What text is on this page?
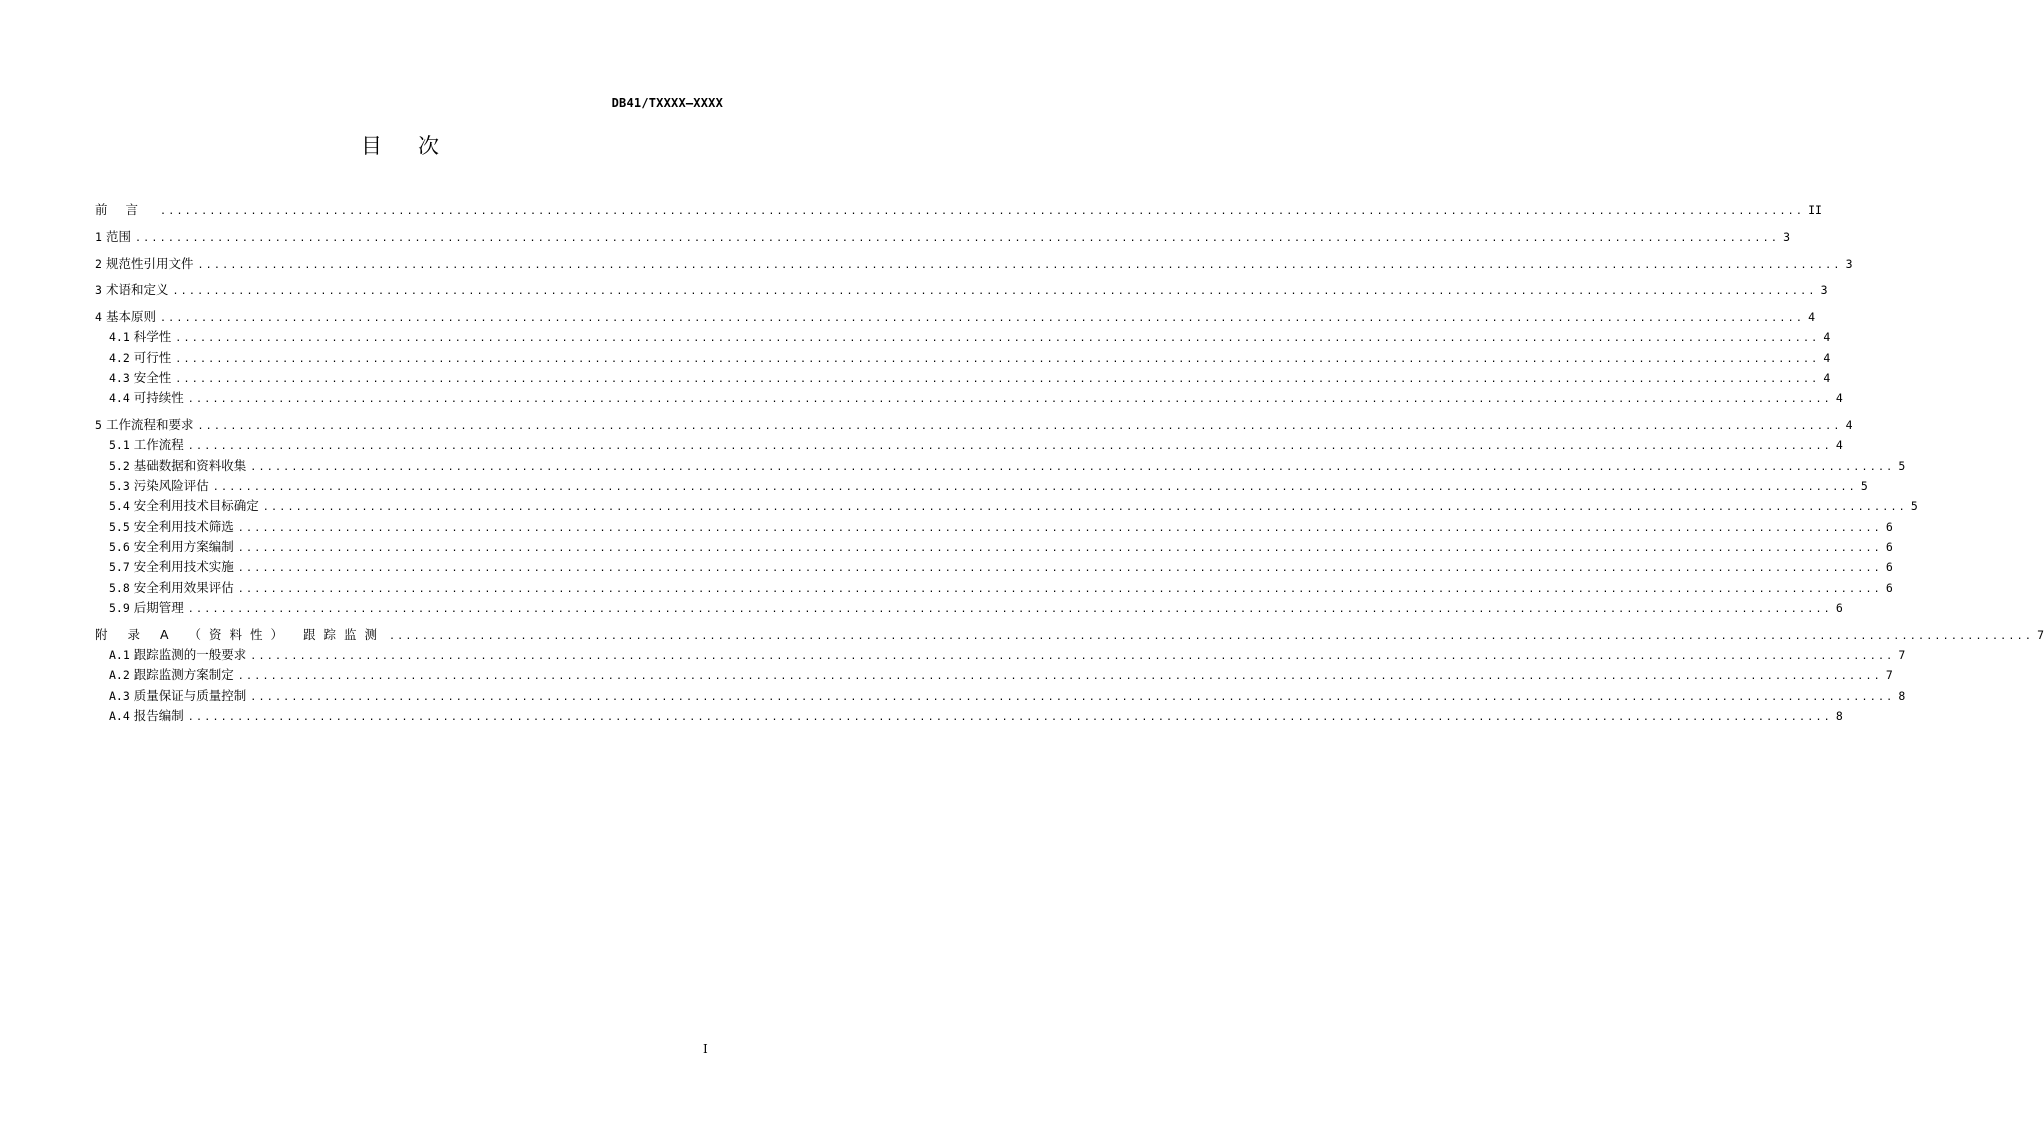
DB41/TXXXX—XXXX
目次
前言 ........................................................................................................................................................................................................ II
1 范围 ........................................................................................................................................................................................................ 3
2 规范性引用文件 ........................................................................................................................................................................................................ 3
3 术语和定义 ........................................................................................................................................................................................................ 3
4 基本原则 ........................................................................................................................................................................................................ 4
4.1 科学性 ........................................................................................................................................................................................................ 4
4.2 可行性 ........................................................................................................................................................................................................ 4
4.3 安全性 ........................................................................................................................................................................................................ 4
4.4 可持续性 ........................................................................................................................................................................................................ 4
5 工作流程和要求 ........................................................................................................................................................................................................ 4
5.1 工作流程 ........................................................................................................................................................................................................ 4
5.2 基础数据和资料收集 ........................................................................................................................................................................................................ 5
5.3 污染风险评估 ........................................................................................................................................................................................................ 5
5.4 安全利用技术目标确定 ........................................................................................................................................................................................................ 5
5.5 安全利用技术筛选 ........................................................................................................................................................................................................ 6
5.6 安全利用方案编制 ........................................................................................................................................................................................................ 6
5.7 安全利用技术实施 ........................................................................................................................................................................................................ 6
5.8 安全利用效果评估 ........................................................................................................................................................................................................ 6
5.9 后期管理 ........................................................................................................................................................................................................ 6
附 录 A （资料性） 跟踪监测 ........................................................................................................................................................................................................ 7
A.1 跟踪监测的一般要求 ........................................................................................................................................................................................................ 7
A.2 跟踪监测方案制定 ........................................................................................................................................................................................................ 7
A.3 质量保证与质量控制 ........................................................................................................................................................................................................ 8
A.4 报告编制 ........................................................................................................................................................................................................ 8
I
